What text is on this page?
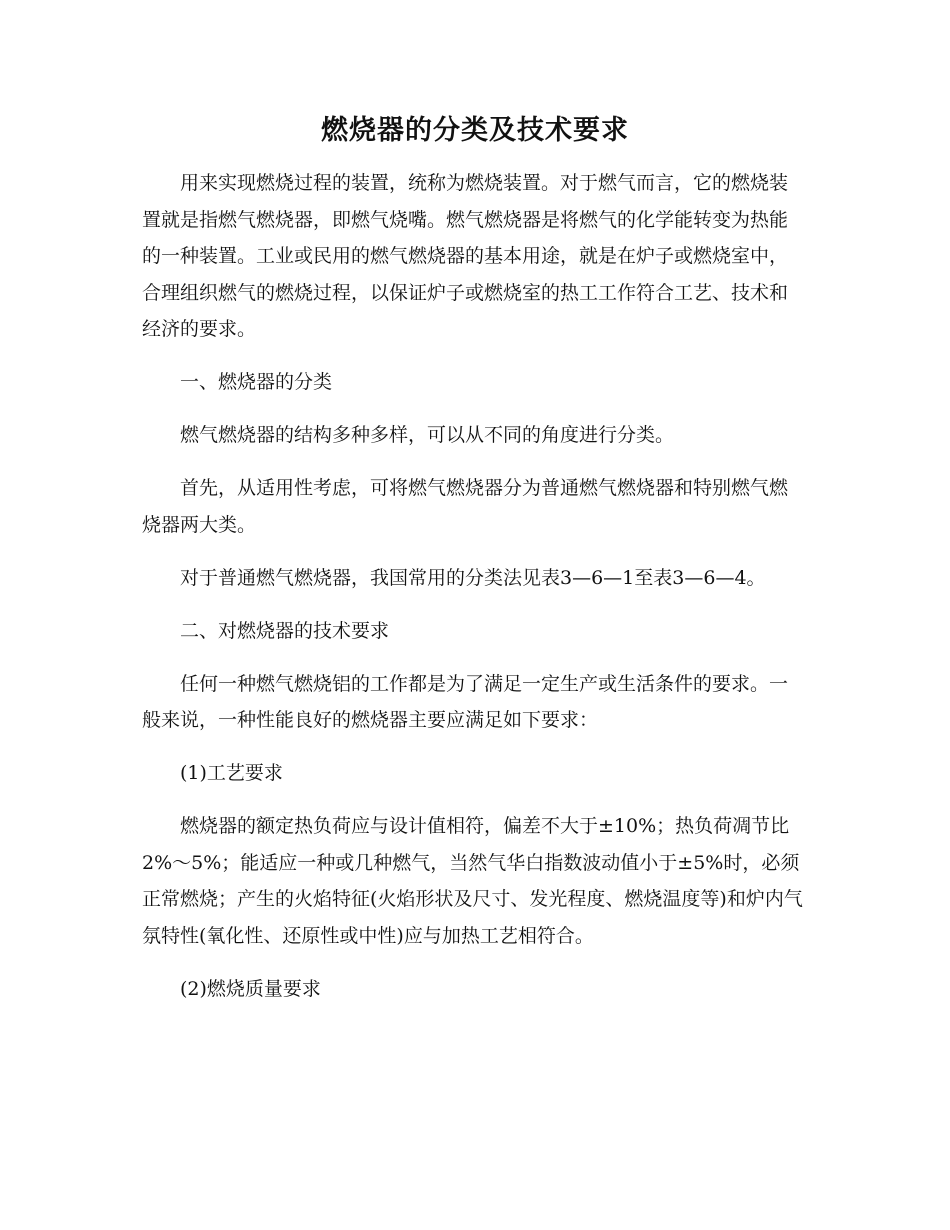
燃烧器的分类及技术要求

用来实现燃烧过程的装置，统称为燃烧装置。对于燃气而言，它的燃烧装置就是指燃气燃烧器，即燃气烧嘴。燃气燃烧器是将燃气的化学能转变为热能的一种装置。工业或民用的燃气燃烧器的基本用途，就是在炉子或燃烧室中，合理组织燃气的燃烧过程，以保证炉子或燃烧室的热工工作符合工艺、技术和经济的要求。

一、燃烧器的分类

燃气燃烧器的结构多种多样，可以从不同的角度进行分类。

首先，从适用性考虑，可将燃气燃烧器分为普通燃气燃烧器和特别燃气燃烧器两大类。

对于普通燃气燃烧器，我国常用的分类法见表3—6—1至表3—6—4。

二、对燃烧器的技术要求

任何一种燃气燃烧铝的工作都是为了满足一定生产或生活条件的要求。一般来说，一种性能良好的燃烧器主要应满足如下要求：

(1)工艺要求

燃烧器的额定热负荷应与设计值相符，偏差不大于±10%；热负荷凋节比2%～5%；能适应一种或几种燃气，当然气华白指数波动值小于±5%时，必须正常燃烧；产生的火焰特征(火焰形状及尺寸、发光程度、燃烧温度等)和炉内气氛特性(氧化性、还原性或中性)应与加热工艺相符合。

(2)燃烧质量要求
